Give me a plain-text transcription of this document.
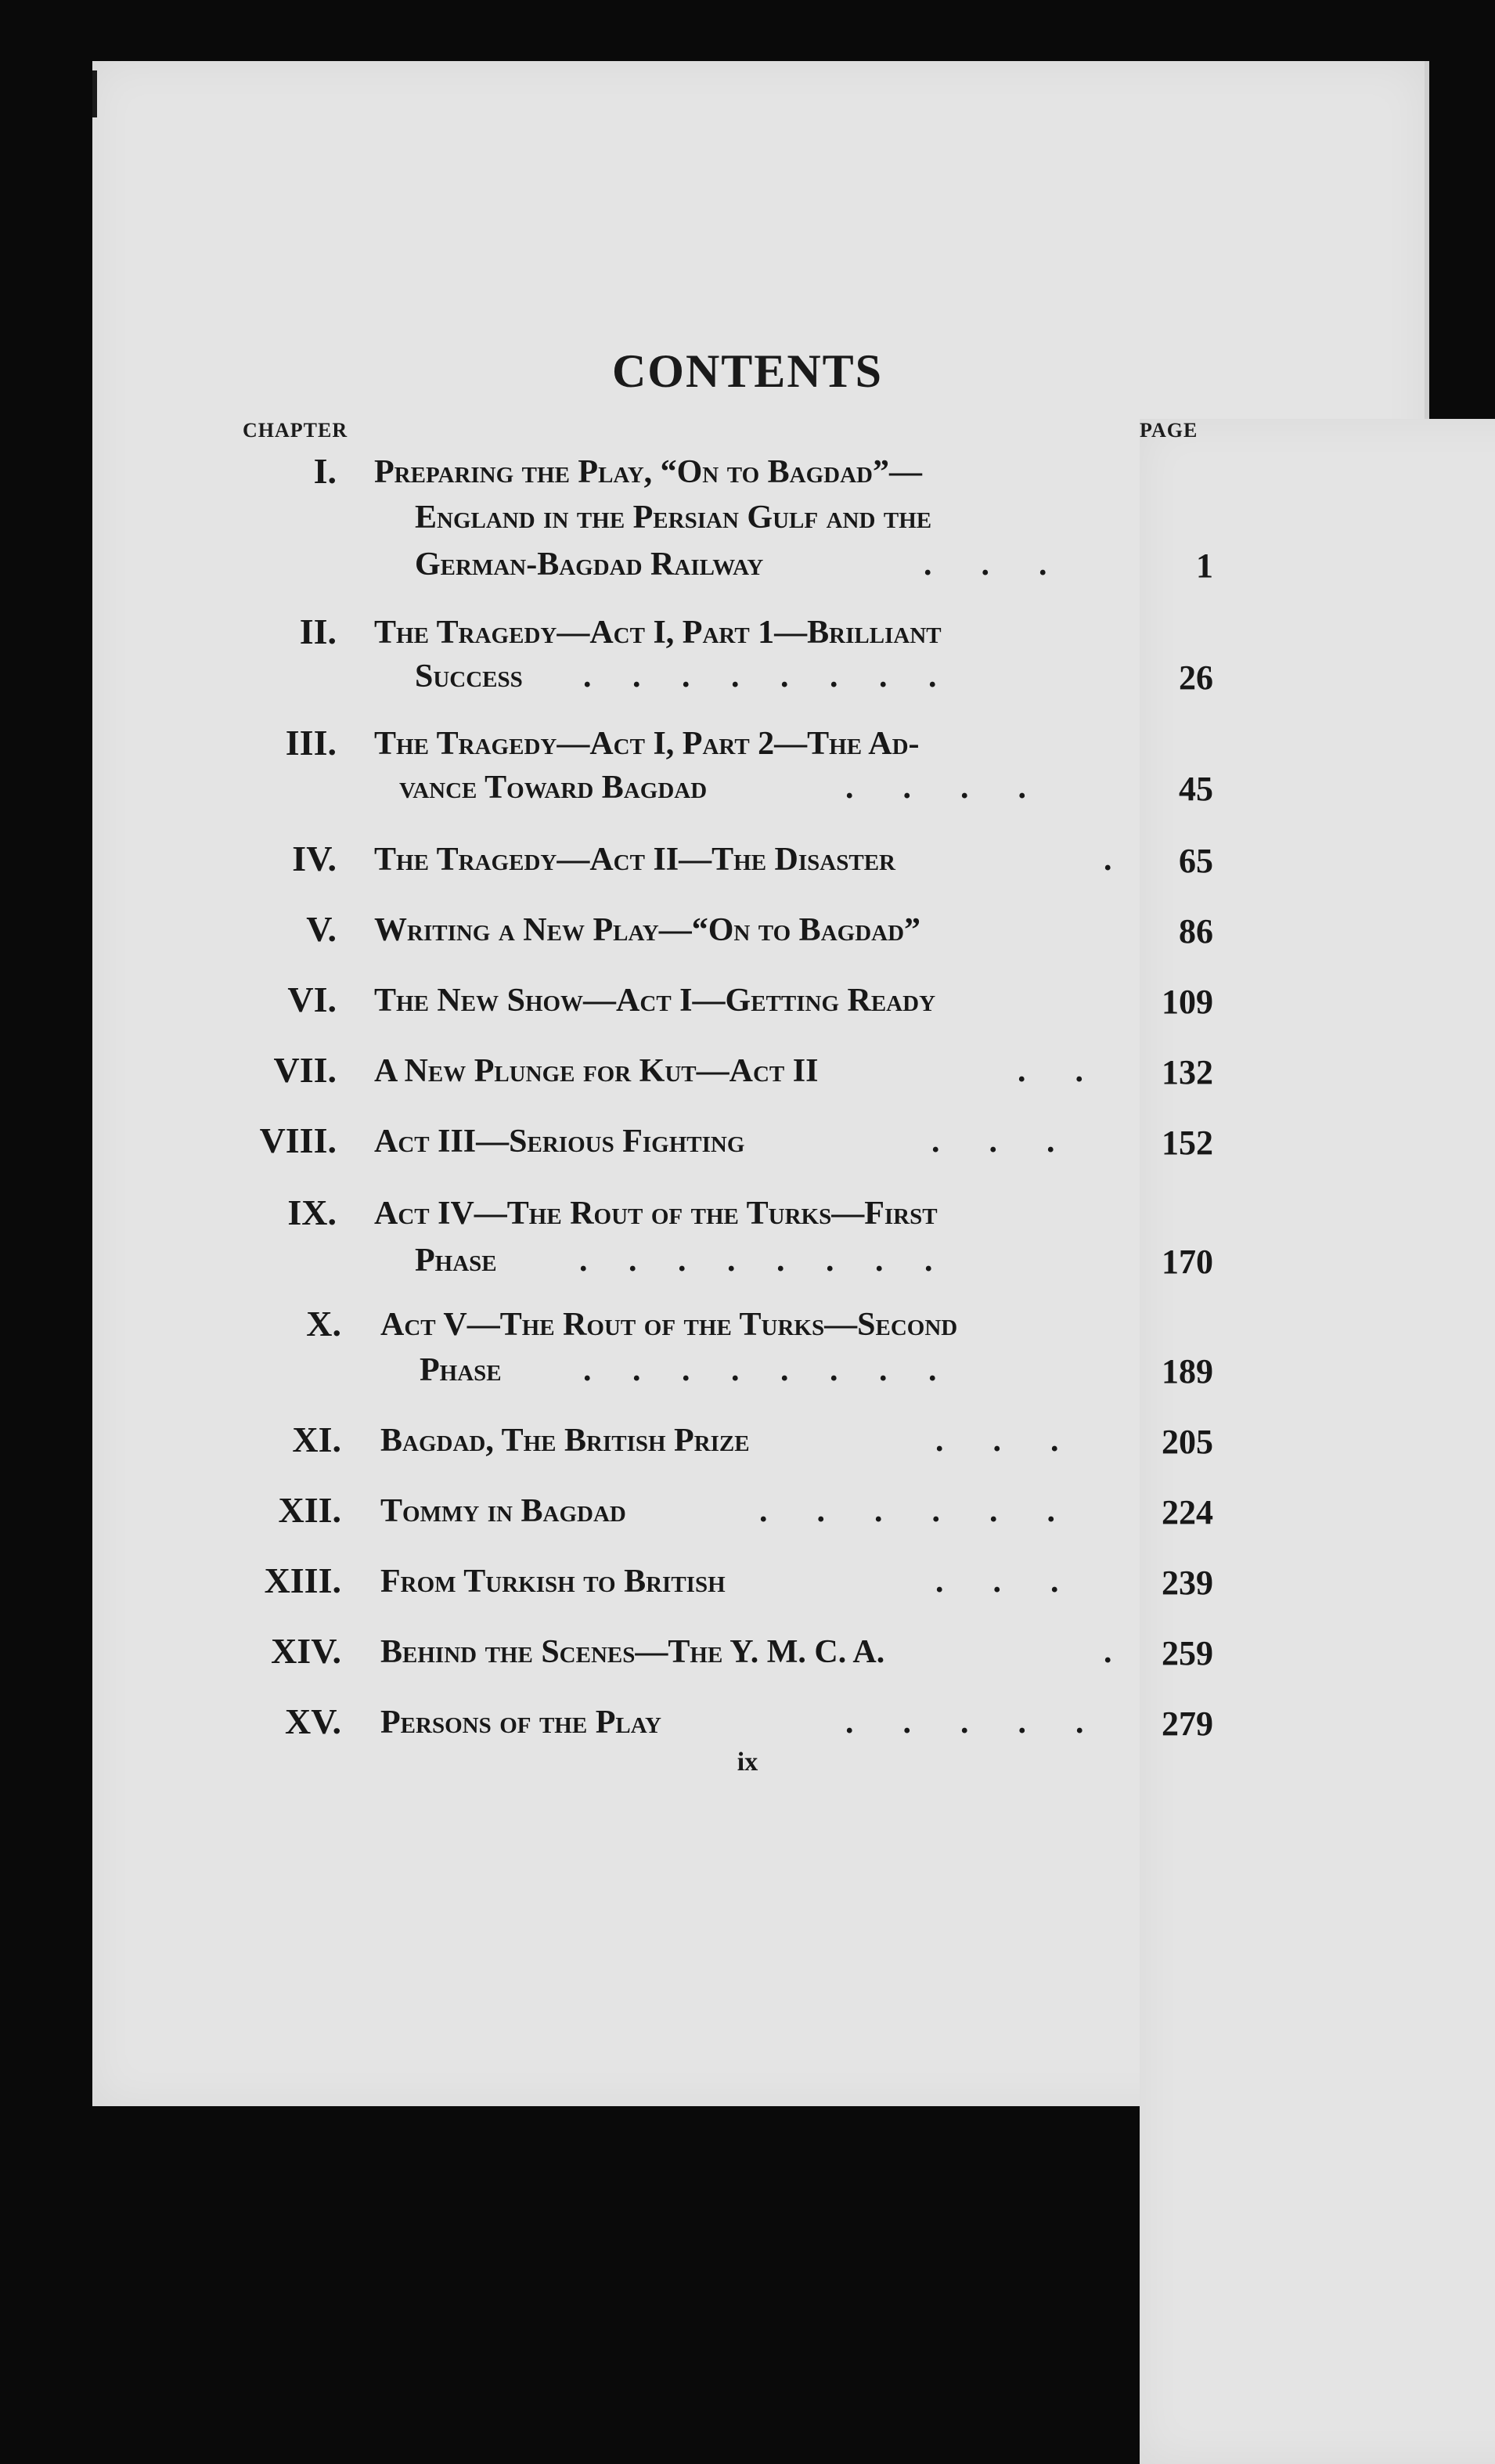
CONTENTS
CHAPTER	PAGE
I. Preparing the Play, “On to Bagdad”—
England in the Persian Gulf and the
German-Bagdad Railway	.      .      .	1
II. The Tragedy—Act I, Part 1—Brilliant
Success .     .     .     .     .     .     .     .	26
III. The Tragedy—Act I, Part 2—The Ad-
vance Toward Bagdad	.      .      .      .	45
IV. The Tragedy—Act II—The Disaster	.	65
V. Writing a New Play—“On to Bagdad”	86
VI. The New Show—Act I—Getting Ready	109
VII. A New Plunge for Kut—Act II	.      .	132
VIII. Act III—Serious Fighting	.      .      .	152
IX. Act IV—The Rout of the Turks—First
Phase	.     .     .     .     .     .     .     .	170
X. Act V—The Rout of the Turks—Second
Phase .     .     .     .     .     .     .     .	189
XI. Bagdad, The British Prize	.      .      .	205
XII. Tommy in Bagdad	.      .      .      .      .      .	224
XIII. From Turkish to British	.      .      .	239
XIV. Behind the Scenes—The Y. M. C. A.	.	259
XV. Persons of the Play	.      .      .      .      .	279
ix
